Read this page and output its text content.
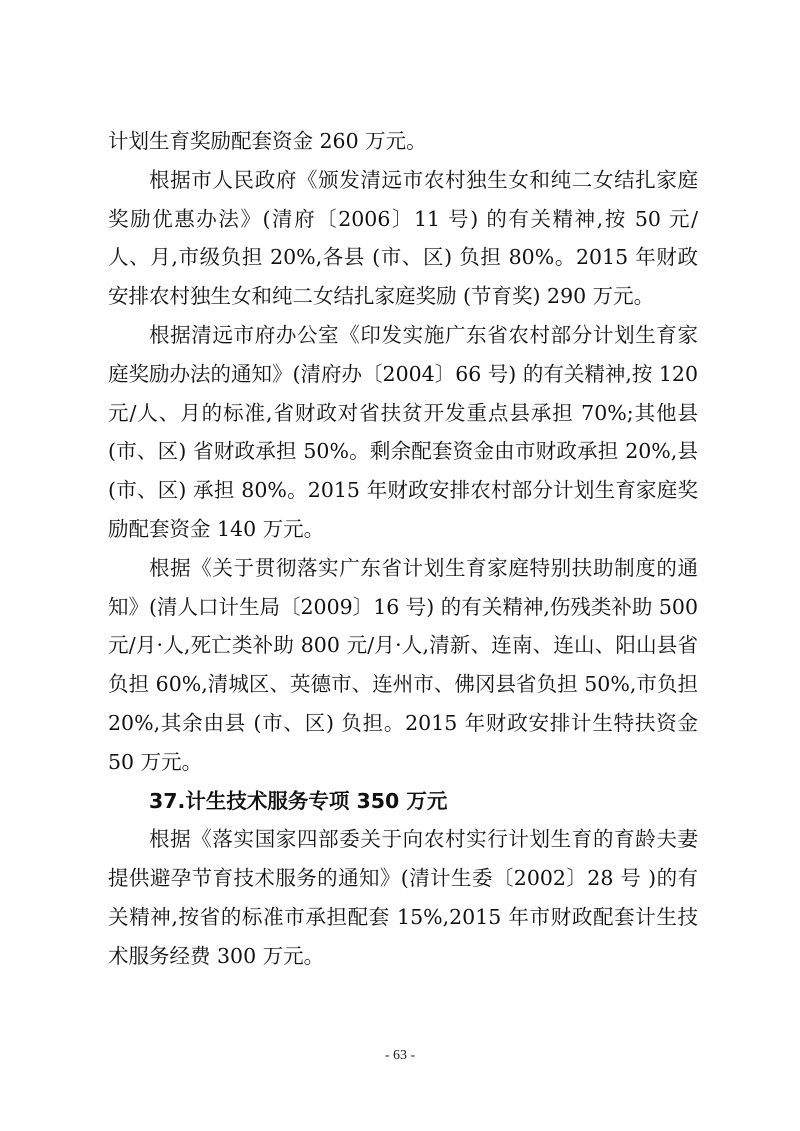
计划生育奖励配套资金 260 万元。

根据市人民政府《颁发清远市农村独生女和纯二女结扎家庭奖励优惠办法》(清府〔2006〕11 号) 的有关精神,按 50 元/人、月,市级负担 20%,各县 (市、区) 负担 80%。2015 年财政安排农村独生女和纯二女结扎家庭奖励 (节育奖) 290 万元。

根据清远市府办公室《印发实施广东省农村部分计划生育家庭奖励办法的通知》(清府办〔2004〕66 号) 的有关精神,按 120 元/人、月的标准,省财政对省扶贫开发重点县承担 70%;其他县 (市、区) 省财政承担 50%。剩余配套资金由市财政承担 20%,县 (市、区) 承担 80%。2015 年财政安排农村部分计划生育家庭奖励配套资金 140 万元。

根据《关于贯彻落实广东省计划生育家庭特别扶助制度的通知》(清人口计生局〔2009〕16 号) 的有关精神,伤残类补助 500 元/月·人,死亡类补助 800 元/月·人,清新、连南、连山、阳山县省负担 60%,清城区、英德市、连州市、佛冈县省负担 50%,市负担 20%,其余由县 (市、区) 负担。2015 年财政安排计生特扶资金 50 万元。

37.计生技术服务专项 350 万元

根据《落实国家四部委关于向农村实行计划生育的育龄夫妻提供避孕节育技术服务的通知》(清计生委〔2002〕28 号 )的有关精神,按省的标准市承担配套 15%,2015 年市财政配套计生技术服务经费 300 万元。

- 63 -
